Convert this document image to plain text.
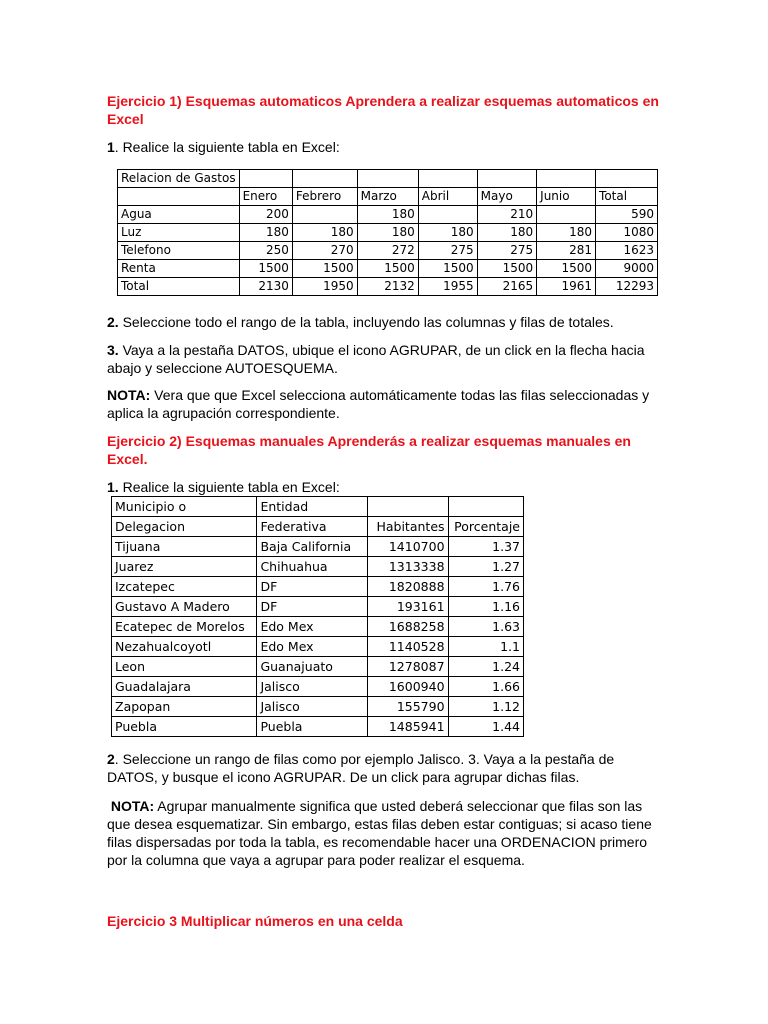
Ejercicio 1) Esquemas automaticos Aprendera a realizar esquemas automaticos en Excel

1. Realice la siguiente tabla en Excel:

Relacion de Gastos							
	Enero	Febrero	Marzo	Abril	Mayo	Junio	Total
Agua	200		180		210		590
Luz	180	180	180	180	180	180	1080
Telefono	250	270	272	275	275	281	1623
Renta	1500	1500	1500	1500	1500	1500	9000
Total	2130	1950	2132	1955	2165	1961	12293

2. Seleccione todo el rango de la tabla, incluyendo las columnas y filas de totales.

3. Vaya a la pestaña DATOS, ubique el icono AGRUPAR, de un click en la flecha hacia abajo y seleccione AUTOESQUEMA.

NOTA: Vera que que Excel selecciona automáticamente todas las filas seleccionadas y aplica la agrupación correspondiente.

Ejercicio 2) Esquemas manuales Aprenderás a realizar esquemas manuales en Excel.

1. Realice la siguiente tabla en Excel:

Municipio o	Entidad		
Delegacion	Federativa	Habitantes	Porcentaje
Tijuana	Baja California	1410700	1.37
Juarez	Chihuahua	1313338	1.27
Izcatepec	DF	1820888	1.76
Gustavo A Madero	DF	193161	1.16
Ecatepec de Morelos	Edo Mex	1688258	1.63
Nezahualcoyotl	Edo Mex	1140528	1.1
Leon	Guanajuato	1278087	1.24
Guadalajara	Jalisco	1600940	1.66
Zapopan	Jalisco	155790	1.12
Puebla	Puebla	1485941	1.44

2. Seleccione un rango de filas como por ejemplo Jalisco. 3. Vaya a la pestaña de DATOS, y busque el icono AGRUPAR. De un click para agrupar dichas filas.

NOTA: Agrupar manualmente significa que usted deberá seleccionar que filas son las que desea esquematizar. Sin embargo, estas filas deben estar contiguas; si acaso tiene filas dispersadas por toda la tabla, es recomendable hacer una ORDENACION primero por la columna que vaya a agrupar para poder realizar el esquema.

Ejercicio 3 Multiplicar números en una celda
